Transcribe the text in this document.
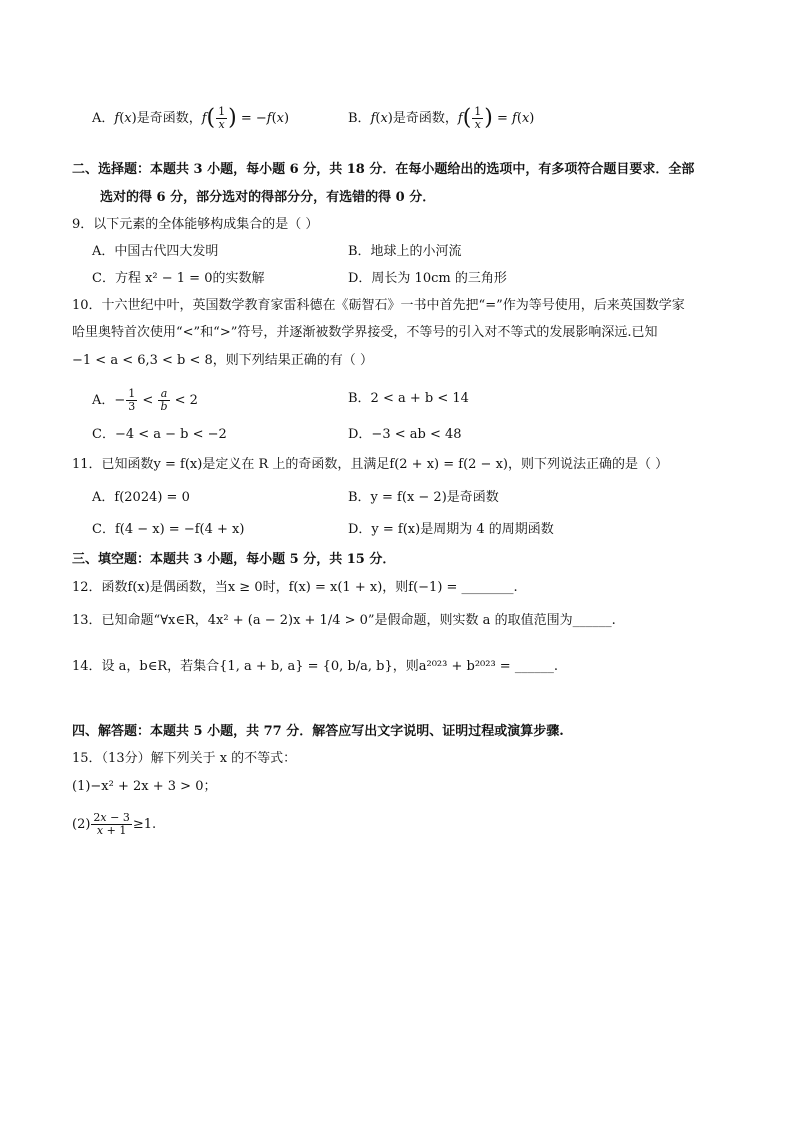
A．f(x)是奇函数，$f( \frac{1}{x}$ ) = −f(x)	B．f(x)是奇函数，$f( \frac{1}{x}$ ) = f(x)
二、选择题：本题共 3 小题，每小题 6 分，共 18 分．在每小题给出的选项中，有多项符合题目要求．全部
选对的得 6 分，部分选对的得部分分，有选错的得 0 分．
9．以下元素的全体能够构成集合的是（ ）
A．中国古代四大发明	B．地球上的小河流
C．方程 x² − 1 = 0的实数解	D．周长为 10cm 的三角形
10．十六世纪中叶，英国数学教育家雷科德在《砺智石》一书中首先把“=”作为等号使用，后来英国数学家
哈里奥特首次使用“<”和“>”符号，并逐渐被数学界接受，不等号的引入对不等式的发展影响深远.已知
−1 < a < 6,3 < b < 8，则下列结果正确的有（ ）
A．− $\frac{1}{3} < \frac{a}{b} < 2$	B．2 < a + b < 14
C．−4 < a − b < −2	D．−3 < ab < 48
11．已知函数y = f(x)是定义在 R 上的奇函数，且满足f(2 + x) = f(2 − x)，则下列说法正确的是（ ）
A．f(2024) = 0	B．y = f(x − 2)是奇函数
C．f(4 − x) = −f(4 + x)	D．y = f(x)是周期为 4 的周期函数
三、填空题：本题共 3 小题，每小题 5 分，共 15 分．
12．函数f(x)是偶函数，当x ≥ 0时，f(x) = x(1 + x)，则f(−1) = ________.
13．已知命题“∀x∈R，4x² + (a − 2)x + 1/4 > 0”是假命题，则实数 a 的取值范围为______.
14．设 a，b∈R，若集合{1, a + b, a} = {0, b/a, b}，则a²⁰²³ + b²⁰²³ = ______.
四、解答题：本题共 5 小题，共 77 分．解答应写出文字说明、证明过程或演算步骤.
15．（13分）解下列关于 x 的不等式：
(1)−x² + 2x + 3 > 0；
$(2) \frac{2x - 3}{x + 1} \ge 1$.
